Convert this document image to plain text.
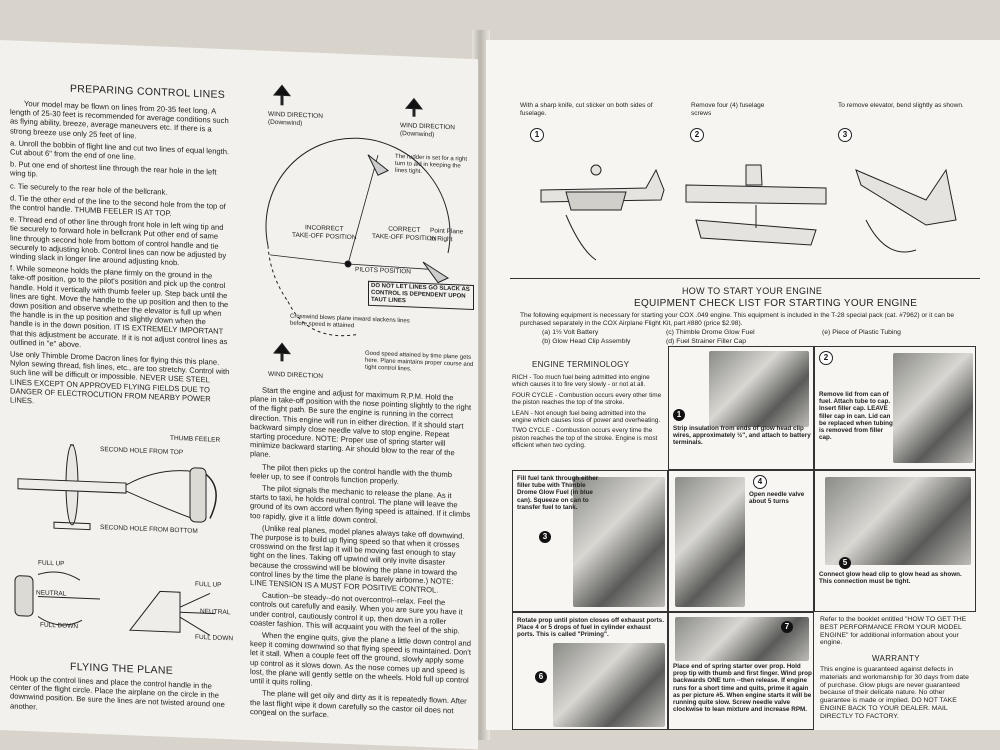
PREPARING CONTROL LINES

Your model may be flown on lines from 20-35 feet long. A length of 25-30 feet is recommended for average conditions such as flying ability, breeze, average maneuvers etc. If there is a strong breeze use only 25 feet of line.

a. Unroll the bobbin of flight line and cut two lines of equal length. Cut about 6" from the end of one line.

b. Put one end of shortest line through the rear hole in the left wing tip.

c. Tie securely to the rear hole of the bellcrank.

d. Tie the other end of the line to the second hole from the top of the control handle. THUMB FEELER IS AT TOP.

e. Thread end of other line through front hole in left wing tip and tie securely to forward hole in bellcrank Put other end of same line through second hole from bottom of control handle and tie securely to adjusting knob. Control lines can now be adjusted by winding slack in longer line around adjusting knob.

f. While someone holds the plane firmly on the ground in the take-off position, go to the pilot's position and pick up the control handle. Hold it vertically with thumb feeler up. Step back until the lines are tight. Move the handle to the up position and then to the down position and observe whether the elevator is full up when the handle is in the up position and slightly down when the handle is in the down position. IT IS EXTREMELY IMPORTANT that this adjustment be accurate. If it is not adjust control lines as outlined in "e" above.

Use only Thimble Drome Dacron lines for flying this this plane. Nylon sewing thread, fish lines, etc., are too stretchy. Control with such line will be difficult or impossible. NEVER USE STEEL LINES EXCEPT ON APPROVED FLYING FIELDS DUE TO DANGER OF ELECTROCUTION FROM NEARBY POWER LINES.

THUMB FEELER
SECOND HOLE FROM TOP
SECOND HOLE FROM BOTTOM
FULL UP
NEUTRAL
FULL DOWN
FULL UP
NEUTRAL
FULL DOWN
FLYING THE PLANE
Hook up the control lines and place the control handle in the center of the flight circle. Place the airplane on the circle in the downwind position. Be sure the lines are not twisted around one another.
WIND DIRECTION
(Downwind)	WIND DIRECTION
(Downwind)
The rudder is set for a right turn to aid in keeping the lines tight.
INCORRECT
TAKE-OFF POSITION
CORRECT
TAKE-OFF POSITION
Point Plane to Right
PILOTS POSITION
DO NOT LET LINES GO SLACK AS CONTROL IS DEPENDENT UPON TAUT LINES
Crosswind blows plane inward slackens lines before speed is attained
Good speed attained by time plane gets here. Plane maintains proper course and tight control lines.
WIND DIRECTION

Start the engine and adjust for maximum R.P.M. Hold the plane in take-off position with the nose pointing slightly to the right of the flight path. Be sure the engine is running in the correct direction. This engine will run in either direction. If it should start backward simply close needle valve to stop engine. Repeat starting procedure. NOTE: Proper use of spring starter will minimize backward starting. Air should blow to the rear of the plane.

The pilot then picks up the control handle with the thumb feeler up, to see if controls function properly.

The pilot signals the mechanic to release the plane. As it starts to taxi, he holds neutral control. The plane will leave the ground of its own accord when flying speed is attained. If it climbs too rapidly, give it a little down control.

(Unlike real planes, model planes always take off downwind. The purpose is to build up flying speed so that when it crosses crosswind on the first lap it will be moving fast enough to stay tight on the lines. Taking off upwind will only invite disaster because the crosswind will be blowing the plane in toward the control lines by the time the plane is barely airborne.) NOTE: LINE TENSION IS A MUST FOR POSITIVE CONTROL.

Caution--be steady--do not overcontrol--relax. Feel the controls out carefully and easily. When you are sure you have it under control, cautiously control it up, then down in a roller coaster fashion. This will acquaint you with the feel of the ship.

When the engine quits, give the plane a little down control and keep it coming downwind so that flying speed is maintained. Don't let it stall. When a couple feet off the ground, slowly apply some up control as it slows down. As the nose comes up and speed is lost, the plane will gently settle on the wheels. Hold full up control until it quits rolling.

The plane will get oily and dirty as it is repeatedly flown. After the last flight wipe it down carefully so the castor oil does not congeal on the surface.

With a sharp knife, cut sticker on both sides of fuselage.
Remove four (4) fuselage screws
To remove elevator, bend slightly as shown.
1	2	3
HOW TO START YOUR ENGINE
EQUIPMENT CHECK LIST FOR STARTING YOUR ENGINE
The following equipment is necessary for starting your COX .049 engine. This equipment is included in the T-28 special pack (cat. #7962) or it can be purchased separately in the COX Airplane Flight Kit, part #880 (price $2.98).
(a) 1½ Volt Battery	(c) Thimble Drome Glow Fuel	(e) Piece of Plastic Tubing
(b) Glow Head Clip Assembly	(d) Fuel Strainer Filler Cap
ENGINE TERMINOLOGY

RICH - Too much fuel being admitted into engine which causes it to fire very slowly - or not at all.

FOUR CYCLE - Combustion occurs every other time the piston reaches the top of the stroke.

LEAN - Not enough fuel being admitted into the engine which causes loss of power and overheating.

TWO CYCLE - Combustion occurs every time the piston reaches the top of the stroke. Engine is most efficient when two cycling.

1
Strip insulation from ends of glow head clip wires, approximately ½", and attach to battery terminals.
2
Remove lid from can of fuel. Attach tube to cap. Insert filler cap. LEAVE filler cap in can. Lid can be replaced when tubing is removed from filler cap.
Fill fuel tank through either filler tube with Thimble Drome Glow Fuel (in blue can). Squeeze on can to transfer fuel to tank.
3
4
Open needle valve about 5 turns
5
Connect glow head clip to glow head as shown. This connection must be tight.
Rotate prop until piston closes off exhaust ports. Place 4 or 5 drops of fuel in cylinder exhaust ports. This is called "Priming".
6
7
Place end of spring starter over prop. Hold prop tip with thumb and first finger. Wind prop backwards ONE turn --then release. If engine runs for a short time and quits, prime it again as per picture #5. When engine starts it will be running quite slow. Screw needle valve clockwise to lean mixture and increase RPM.
Refer to the booklet entitled "HOW TO GET THE BEST PERFORMANCE FROM YOUR MODEL ENGINE" for additional information about your engine.
WARRANTY
This engine is guaranteed against defects in materials and workmanship for 30 days from date of purchase. Glow plugs are never guaranteed because of their delicate nature. No other guarantee is made or implied. DO NOT TAKE ENGINE BACK TO YOUR DEALER. MAIL DIRECTLY TO FACTORY.
